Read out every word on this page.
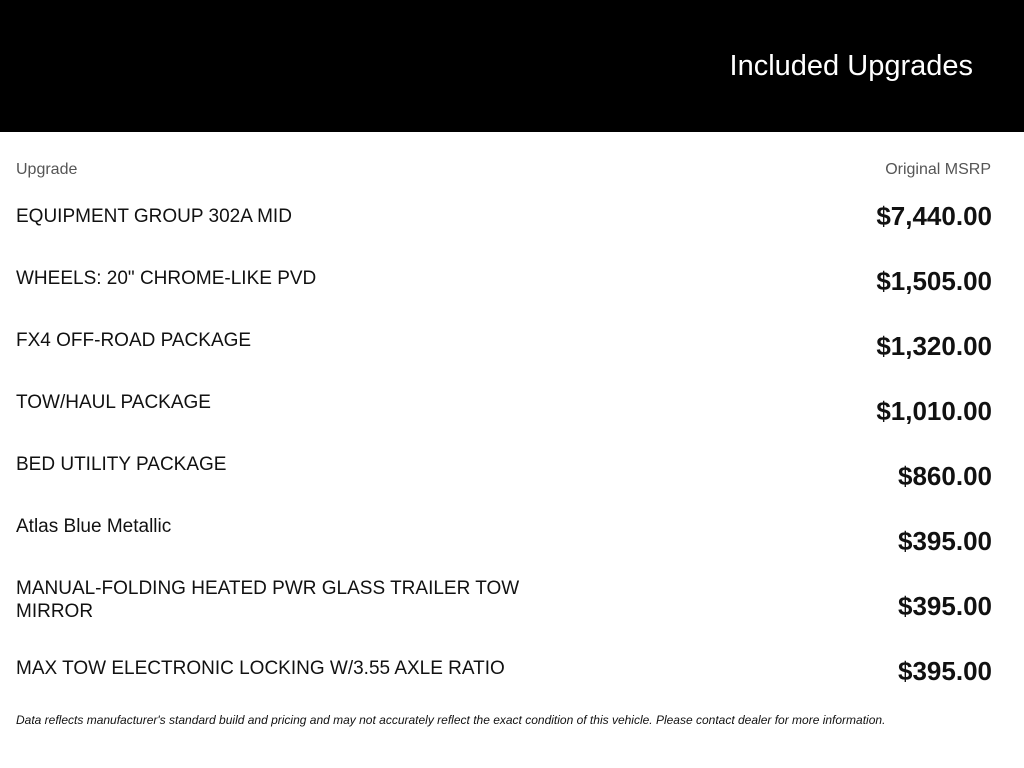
Included Upgrades
Upgrade	Original MSRP
EQUIPMENT GROUP 302A MID	$7,440.00
WHEELS: 20" CHROME-LIKE PVD	$1,505.00
FX4 OFF-ROAD PACKAGE	$1,320.00
TOW/HAUL PACKAGE	$1,010.00
BED UTILITY PACKAGE	$860.00
Atlas Blue Metallic	$395.00
MANUAL-FOLDING HEATED PWR GLASS TRAILER TOW MIRROR	$395.00
MAX TOW ELECTRONIC LOCKING W/3.55 AXLE RATIO	$395.00
Data reflects manufacturer's standard build and pricing and may not accurately reflect the exact condition of this vehicle. Please contact dealer for more information.
